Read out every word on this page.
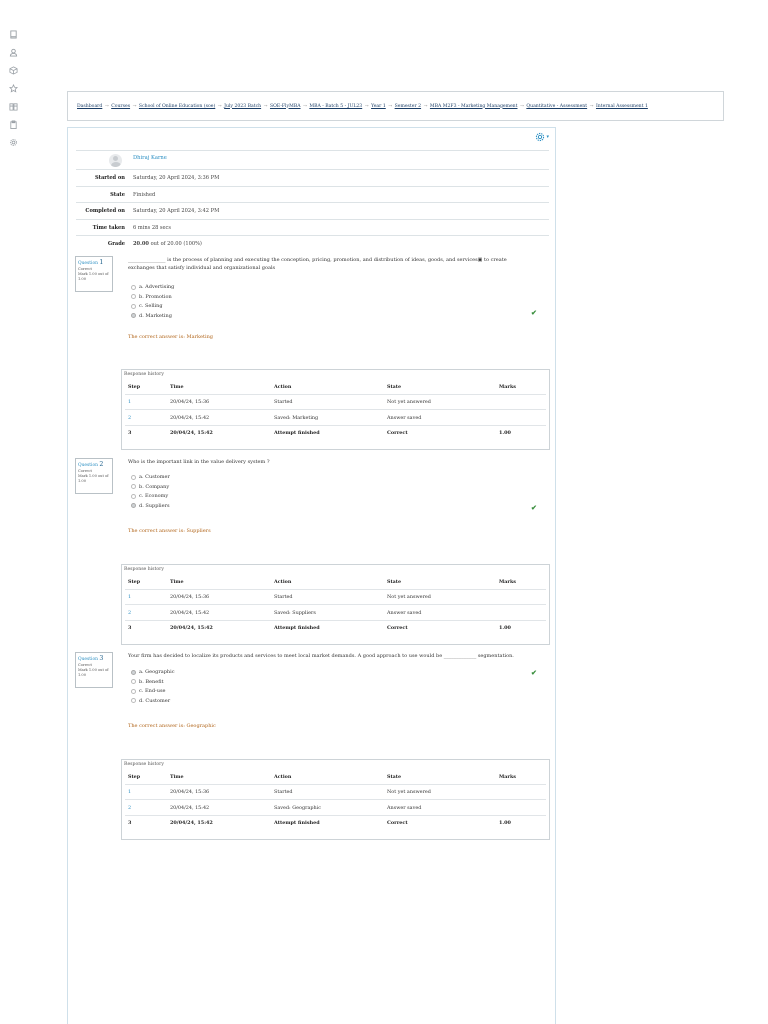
Dashboard → Courses → School of Online Education (soe) → July 2023 Batch → SOE-FlyMBA → MBA - Batch 5 - JUL23 → Year 1 → Semester 2 → MBA M2F3 - Marketing Management → Quantitative - Assessment → Internal Assessment 1
▾
Dhiraj Karne
Started on Saturday, 20 April 2024, 3:36 PM
State Finished
Completed on Saturday, 20 April 2024, 3:42 PM
Time taken 6 mins 28 secs
Grade 20.00 out of 20.00 (100%)
Question 1
Correct
Mark 1.00 out of 1.00
_______________ is the process of planning and executing the conception, pricing, promotion, and distribution of ideas, goods, and services▣ to create exchanges that satisfy individual and organizational goals
a. Advertising
b. Promotion
c. Selling
d. Marketing	✔
The correct answer is: Marketing
Response history
Step	Time	Action	State	Marks
1	20/04/24, 15:36	Started	Not yet answered
2	20/04/24, 15:42	Saved: Marketing	Answer saved
3	20/04/24, 15:42	Attempt finished	Correct	1.00
Question 2
Correct
Mark 1.00 out of 1.00
Who is the important link in the value delivery system ?
a. Customer
b. Company
c. Economy
d. Suppliers	✔
The correct answer is: Suppliers
Response history
Step	Time	Action	State	Marks
1	20/04/24, 15:36	Started	Not yet answered
2	20/04/24, 15:42	Saved: Suppliers	Answer saved
3	20/04/24, 15:42	Attempt finished	Correct	1.00
Question 3
Correct
Mark 1.00 out of 1.00
Your firm has decided to localize its products and services to meet local market demands. A good approach to use would be _____________ segmentation.
a. Geographic
b. Benefit
c. End-use
d. Customer
✔
The correct answer is: Geographic
Response history
Step	Time	Action	State	Marks
1	20/04/24, 15:36	Started	Not yet answered
2	20/04/24, 15:42	Saved: Geographic	Answer saved
3	20/04/24, 15:42	Attempt finished	Correct	1.00
